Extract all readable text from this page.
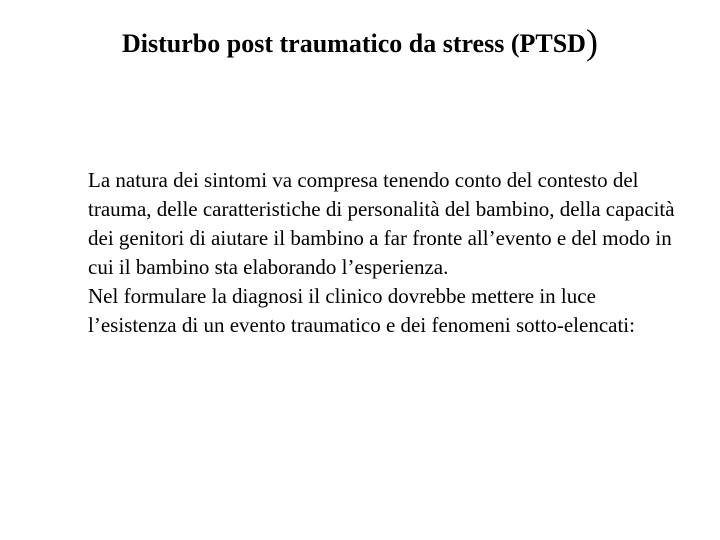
Disturbo post traumatico da stress (PTSD)

La natura dei sintomi va compresa tenendo conto del contesto del trauma, delle caratteristiche di personalità del bambino, della capacità dei genitori di aiutare il bambino a far fronte all’evento e del modo in cui il bambino sta elaborando l’esperienza.

Nel formulare la diagnosi il clinico dovrebbe mettere in luce l’esistenza di un evento traumatico e dei fenomeni sotto-elencati:
